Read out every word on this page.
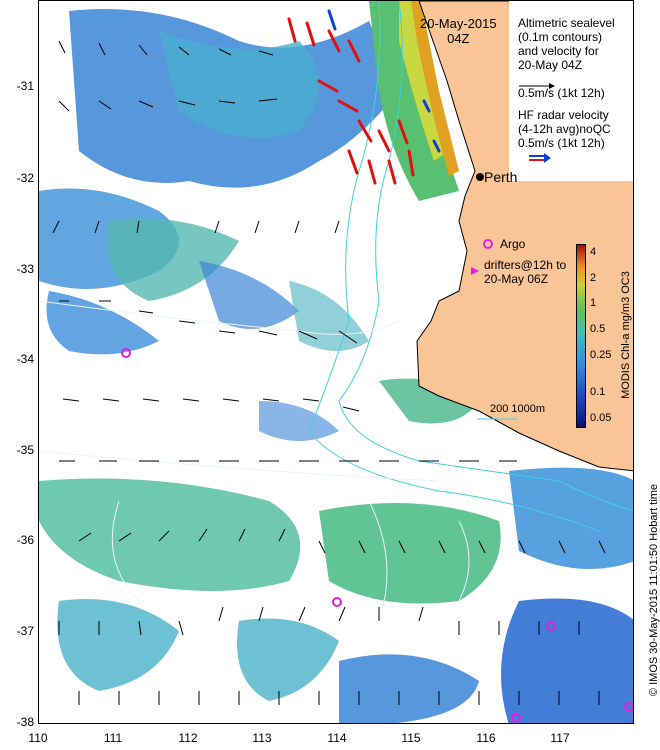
20-May-2015
04Z
Altimetric sealevel
(0.1m contours)
and velocity for
20-May 04Z
0.5m/s (1kt 12h)
HF radar velocity
(4-12h avg)noQC
0.5m/s (1kt 12h)
Perth
Argo
drifters@12h to
20-May 06Z
200 1000m
4
2
1
0.5
0.25
0.1
0.05
MODIS Chl-a mg/m3 OC3
© IMOS 30-May-2015 11:01:50 Hobart time
-31
-32
-33
-34
-35
-36
-37
-38
110	111	112	113	114	115	116	117
